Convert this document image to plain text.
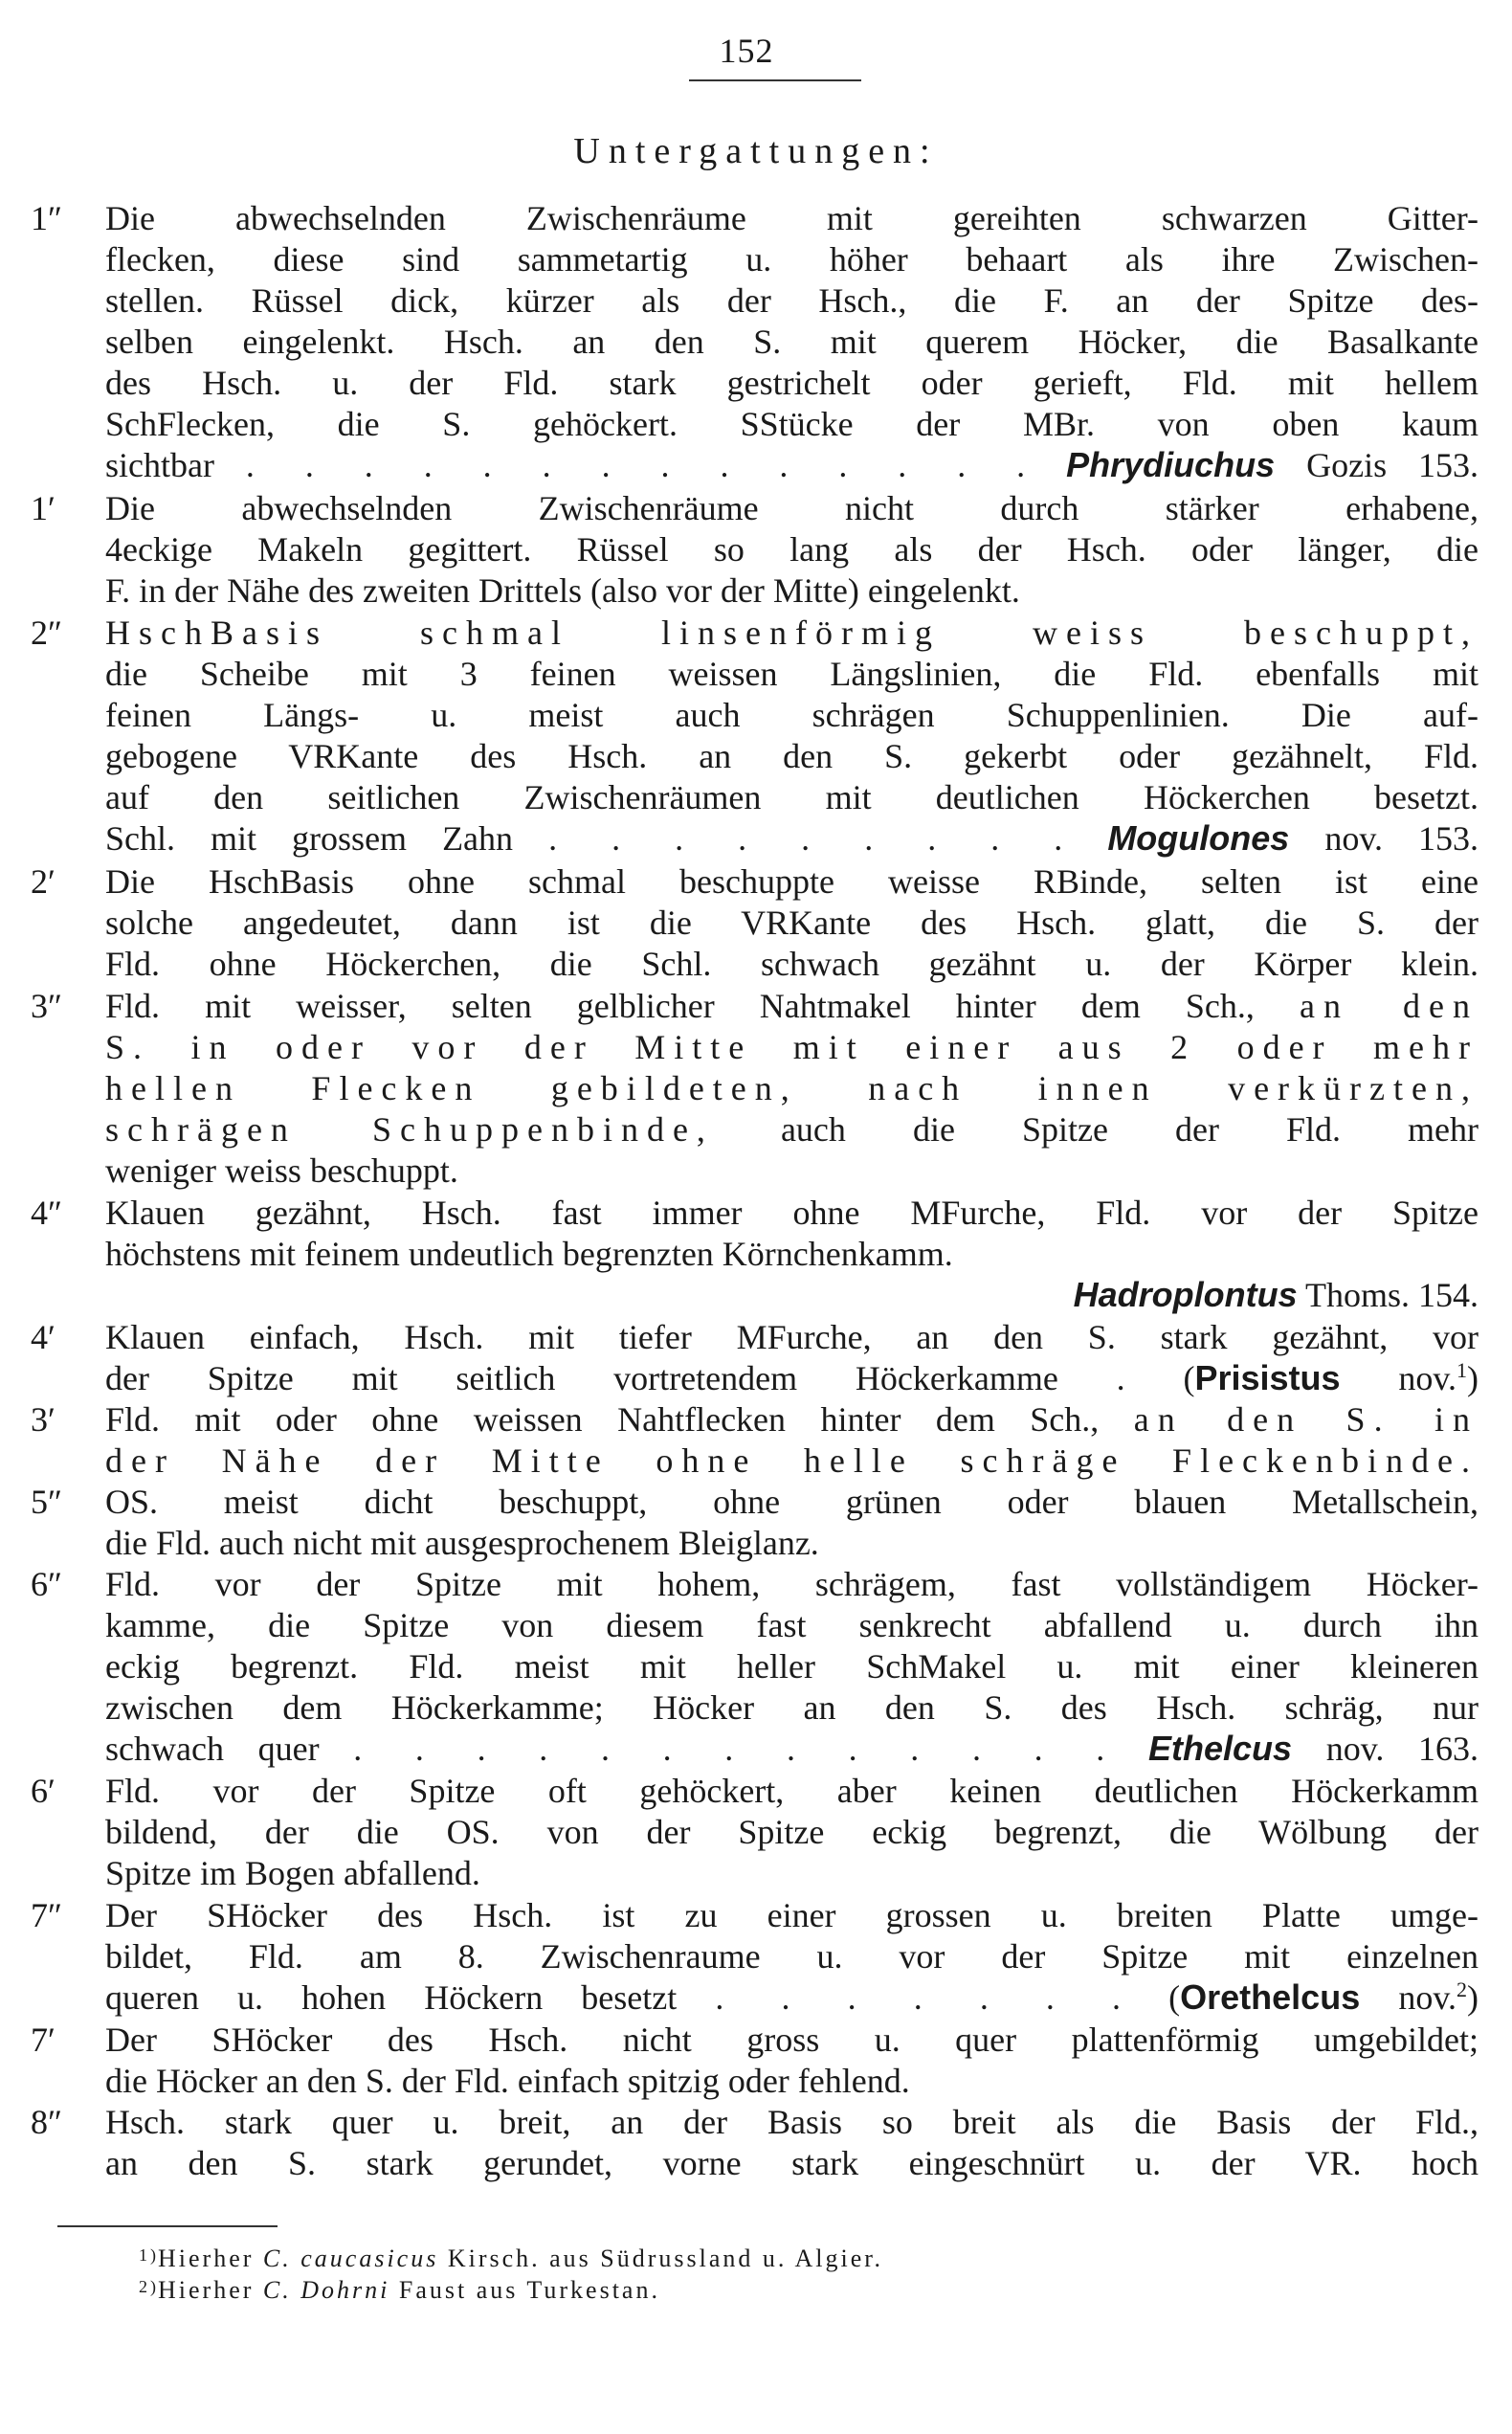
152
Untergattungen:
1″	Die abwechselnden Zwischenräume mit gereihten schwarzen Gitter-
flecken, diese sind sammetartig u. höher behaart als ihre Zwischen-
stellen. Rüssel dick, kürzer als der Hsch., die F. an der Spitze des-
selben eingelenkt. Hsch. an den S. mit querem Höcker, die Basalkante
des Hsch. u. der Fld. stark gestrichelt oder gerieft, Fld. mit hellem
SchFlecken, die S. gehöckert. SStücke der MBr. von oben kaum
sichtbar . . . . . . . . . . . . . . Phrydiuchus Gozis 153.
1′	Die abwechselnden Zwischenräume nicht durch stärker erhabene,
4eckige Makeln gegittert. Rüssel so lang als der Hsch. oder länger, die
F. in der Nähe des zweiten Drittels (also vor der Mitte) eingelenkt.
2″	HschBasis schmal linsenförmig weiss beschuppt,
die Scheibe mit 3 feinen weissen Längslinien, die Fld. ebenfalls mit
feinen Längs- u. meist auch schrägen Schuppenlinien. Die auf-
gebogene VRKante des Hsch. an den S. gekerbt oder gezähnelt, Fld.
auf den seitlichen Zwischenräumen mit deutlichen Höckerchen besetzt.
Schl. mit grossem Zahn . . . . . . . . . Mogulones nov. 153.
2′	Die HschBasis ohne schmal beschuppte weisse RBinde, selten ist eine
solche angedeutet, dann ist die VRKante des Hsch. glatt, die S. der
Fld. ohne Höckerchen, die Schl. schwach gezähnt u. der Körper klein.
3″	Fld. mit weisser, selten gelblicher Nahtmakel hinter dem Sch., an den
S. in oder vor der Mitte mit einer aus 2 oder mehr
hellen Flecken gebildeten, nach innen verkürzten,
schrägen Schuppenbinde, auch die Spitze der Fld. mehr
weniger weiss beschuppt.
4″	Klauen gezähnt, Hsch. fast immer ohne MFurche, Fld. vor der Spitze
höchstens mit feinem undeutlich begrenzten Körnchenkamm.
Hadroplontus Thoms. 154.
4′	Klauen einfach, Hsch. mit tiefer MFurche, an den S. stark gezähnt, vor
der Spitze mit seitlich vortretendem Höckerkamme . (Prisistus nov.$^1$)
3′	Fld. mit oder ohne weissen Nahtflecken hinter dem Sch., an den S. in
der Nähe der Mitte ohne helle schräge Fleckenbinde.
5″	OS. meist dicht beschuppt, ohne grünen oder blauen Metallschein,
die Fld. auch nicht mit ausgesprochenem Bleiglanz.
6″	Fld. vor der Spitze mit hohem, schrägem, fast vollständigem Höcker-
kamme, die Spitze von diesem fast senkrecht abfallend u. durch ihn
eckig begrenzt. Fld. meist mit heller SchMakel u. mit einer kleineren
zwischen dem Höckerkamme; Höcker an den S. des Hsch. schräg, nur
schwach quer . . . . . . . . . . . . . Ethelcus nov. 163.
6′	Fld. vor der Spitze oft gehöckert, aber keinen deutlichen Höckerkamm
bildend, der die OS. von der Spitze eckig begrenzt, die Wölbung der
Spitze im Bogen abfallend.
7″	Der SHöcker des Hsch. ist zu einer grossen u. breiten Platte umge-
bildet, Fld. am 8. Zwischenraume u. vor der Spitze mit einzelnen
queren u. hohen Höckern besetzt . . . . . . . (Orethelcus nov.$^2$)
7′	Der SHöcker des Hsch. nicht gross u. quer plattenförmig umgebildet;
die Höcker an den S. der Fld. einfach spitzig oder fehlend.
8″	Hsch. stark quer u. breit, an der Basis so breit als die Basis der Fld.,
an den S. stark gerundet, vorne stark eingeschnürt u. der VR. hoch
1) Hierher C. caucasicus Kirsch. aus Südrussland u. Algier.
2) Hierher C. Dohrni Faust aus Turkestan.
